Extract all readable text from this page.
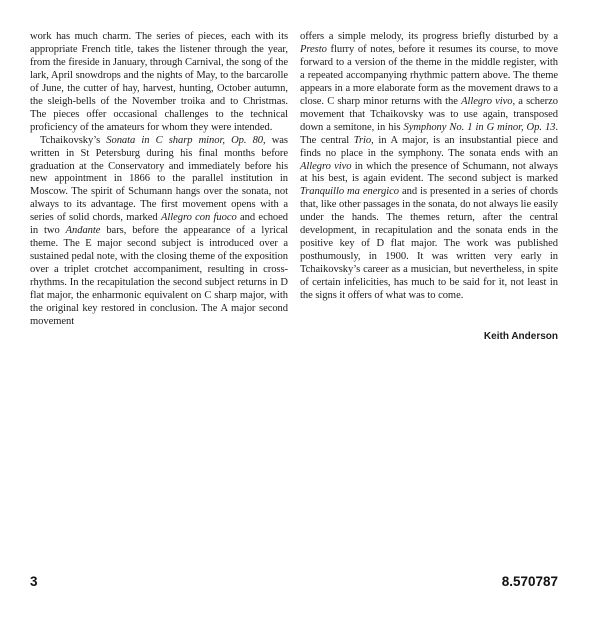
work has much charm. The series of pieces, each with its appropriate French title, takes the listener through the year, from the fireside in January, through Carnival, the song of the lark, April snowdrops and the nights of May, to the barcarolle of June, the cutter of hay, harvest, hunting, October autumn, the sleigh-bells of the November troika and to Christmas. The pieces offer occasional challenges to the technical proficiency of the amateurs for whom they were intended.

Tchaikovsky’s Sonata in C sharp minor, Op. 80, was written in St Petersburg during his final months before graduation at the Conservatory and immediately before his new appointment in 1866 to the parallel institution in Moscow. The spirit of Schumann hangs over the sonata, not always to its advantage. The first movement opens with a series of solid chords, marked Allegro con fuoco and echoed in two Andante bars, before the appearance of a lyrical theme. The E major second subject is introduced over a sustained pedal note, with the closing theme of the exposition over a triplet crotchet accompaniment, resulting in cross-rhythms. In the recapitulation the second subject returns in D flat major, the enharmonic equivalent on C sharp major, with the original key restored in conclusion. The A major second movement

offers a simple melody, its progress briefly disturbed by a Presto flurry of notes, before it resumes its course, to move forward to a version of the theme in the middle register, with a repeated accompanying rhythmic pattern above. The theme appears in a more elaborate form as the movement draws to a close. C sharp minor returns with the Allegro vivo, a scherzo movement that Tchaikovsky was to use again, transposed down a semitone, in his Symphony No. 1 in G minor, Op. 13. The central Trio, in A major, is an insubstantial piece and finds no place in the symphony. The sonata ends with an Allegro vivo in which the presence of Schumann, not always at his best, is again evident. The second subject is marked Tranquillo ma energico and is presented in a series of chords that, like other passages in the sonata, do not always lie easily under the hands. The themes return, after the central development, in recapitulation and the sonata ends in the positive key of D flat major. The work was published posthumously, in 1900. It was written very early in Tchaikovsky’s career as a musician, but nevertheless, in spite of certain infelicities, has much to be said for it, not least in the signs it offers of what was to come.

Keith Anderson
3	8.570787
